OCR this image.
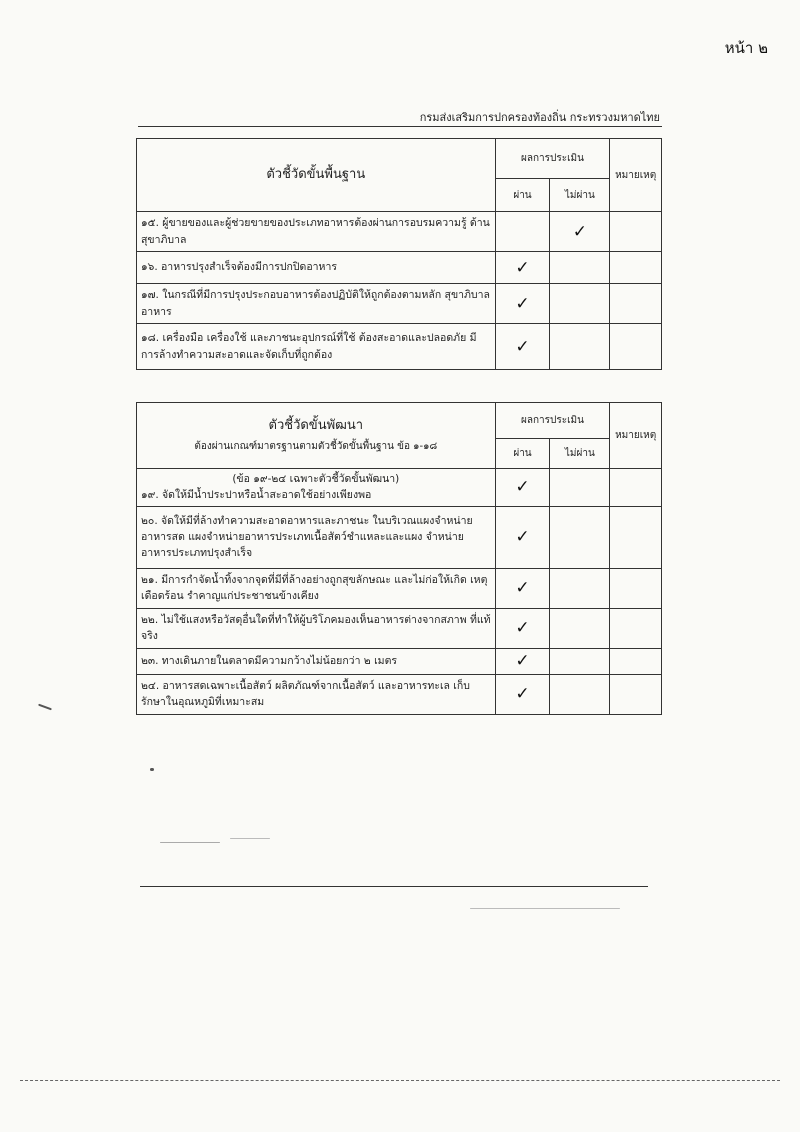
หน้า ๒
กรมส่งเสริมการปกครองท้องถิ่น กระทรวงมหาดไทย
ตัวชี้วัดขั้นพื้นฐาน	ผลการประเมิน		หมายเหตุ
	ผ่าน	ไม่ผ่าน	
๑๕. ผู้ขายของและผู้ช่วยขายของประเภทอาหารต้องผ่านการอบรมความรู้ ด้านสุขาภิบาล		✓	
๑๖. อาหารปรุงสำเร็จต้องมีการปกปิดอาหาร	✓		
๑๗. ในกรณีที่มีการปรุงประกอบอาหารต้องปฏิบัติให้ถูกต้องตามหลัก สุขาภิบาลอาหาร	✓		
๑๘. เครื่องมือ เครื่องใช้ และภาชนะอุปกรณ์ที่ใช้ ต้องสะอาดและปลอดภัย มีการล้างทำความสะอาดและจัดเก็บที่ถูกต้อง	✓		
ตัวชี้วัดขั้นพัฒนา
ต้องผ่านเกณฑ์มาตรฐานตามตัวชี้วัดขั้นพื้นฐาน ข้อ ๑-๑๘	ผลการประเมิน		หมายเหตุ
	ผ่าน	ไม่ผ่าน	

(ข้อ ๑๙-๒๔ เฉพาะตัวชี้วัดขั้นพัฒนา)
๑๙. จัดให้มีน้ำประปาหรือน้ำสะอาดใช้อย่างเพียงพอ	✓		
๒๐. จัดให้มีที่ล้างทำความสะอาดอาหารและภาชนะ ในบริเวณแผงจำหน่าย อาหารสด แผงจำหน่ายอาหารประเภทเนื้อสัตว์ชำแหละและแผง จำหน่ายอาหารประเภทปรุงสำเร็จ	✓		
๒๑. มีการกำจัดน้ำทิ้งจากจุดที่มีที่ล้างอย่างถูกสุขลักษณะ และไม่ก่อให้เกิด เหตุเดือดร้อน รำคาญแก่ประชาชนข้างเคียง	✓		
๒๒. ไม่ใช้แสงหรือวัสดุอื่นใดที่ทำให้ผู้บริโภคมองเห็นอาหารต่างจากสภาพ ที่แท้จริง	✓		
๒๓. ทางเดินภายในตลาดมีความกว้างไม่น้อยกว่า ๒ เมตร	✓		
๒๔. อาหารสดเฉพาะเนื้อสัตว์ ผลิตภัณฑ์จากเนื้อสัตว์ และอาหารทะเล เก็บรักษาในอุณหภูมิที่เหมาะสม	✓		
